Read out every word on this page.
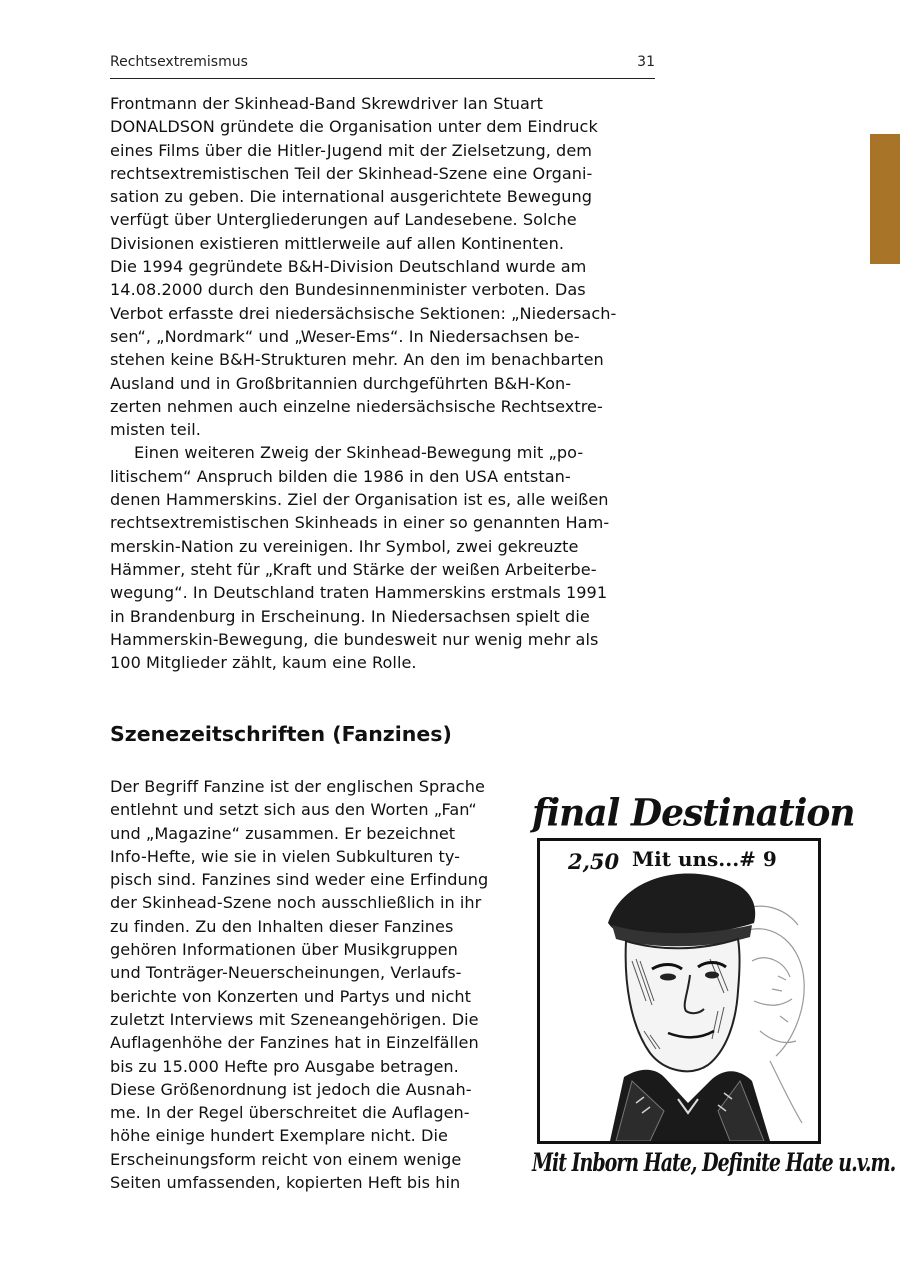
Rechtsextremismus	31
Frontmann der Skinhead-Band Skrewdriver Ian Stuart
DONALDSON gründete die Organisation unter dem Eindruck
eines Films über die Hitler-Jugend mit der Zielsetzung, dem
rechtsextremistischen Teil der Skinhead-Szene eine Organi-
sation zu geben. Die international ausgerichtete Bewegung
verfügt über Untergliederungen auf Landesebene. Solche
Divisionen existieren mittlerweile auf allen Kontinenten.
Die 1994 gegründete B&H-Division Deutschland wurde am
14.08.2000 durch den Bundesinnenminister verboten. Das
Verbot erfasste drei niedersächsische Sektionen: „Niedersach-
sen“, „Nordmark“ und „Weser-Ems“. In Niedersachsen be-
stehen keine B&H-Strukturen mehr. An den im benachbarten
Ausland und in Großbritannien durchgeführten B&H-Kon-
zerten nehmen auch einzelne niedersächsische Rechtsextre-
misten teil.
Einen weiteren Zweig der Skinhead-Bewegung mit „po-
litischem“ Anspruch bilden die 1986 in den USA entstan-
denen Hammerskins. Ziel der Organisation ist es, alle weißen
rechtsextremistischen Skinheads in einer so genannten Ham-
merskin-Nation zu vereinigen. Ihr Symbol, zwei gekreuzte
Hämmer, steht für „Kraft und Stärke der weißen Arbeiterbe-
wegung“. In Deutschland traten Hammerskins erstmals 1991
in Brandenburg in Erscheinung. In Niedersachsen spielt die
Hammerskin-Bewegung, die bundesweit nur wenig mehr als
100 Mitglieder zählt, kaum eine Rolle.
Szenezeitschriften (Fanzines)
Der Begriff Fanzine ist der englischen Sprache
entlehnt und setzt sich aus den Worten „Fan“
und „Magazine“ zusammen. Er bezeichnet
Info-Hefte, wie sie in vielen Subkulturen ty-
pisch sind. Fanzines sind weder eine Erfindung
der Skinhead-Szene noch ausschließlich in ihr
zu finden. Zu den Inhalten dieser Fanzines
gehören Informationen über Musikgruppen
und Tonträger-Neuerscheinungen, Verlaufs-
berichte von Konzerten und Partys und nicht
zuletzt Interviews mit Szeneangehörigen. Die
Auflagenhöhe der Fanzines hat in Einzelfällen
bis zu 15.000 Hefte pro Ausgabe betragen.
Diese Größenordnung ist jedoch die Ausnah-
me. In der Regel überschreitet die Auflagen-
höhe einige hundert Exemplare nicht. Die
Erscheinungsform reicht von einem wenige
Seiten umfassenden, kopierten Heft bis hin
final Destination
2,50 Mit uns...# 9
Mit Inborn Hate, Definite Hate u.v.m.
